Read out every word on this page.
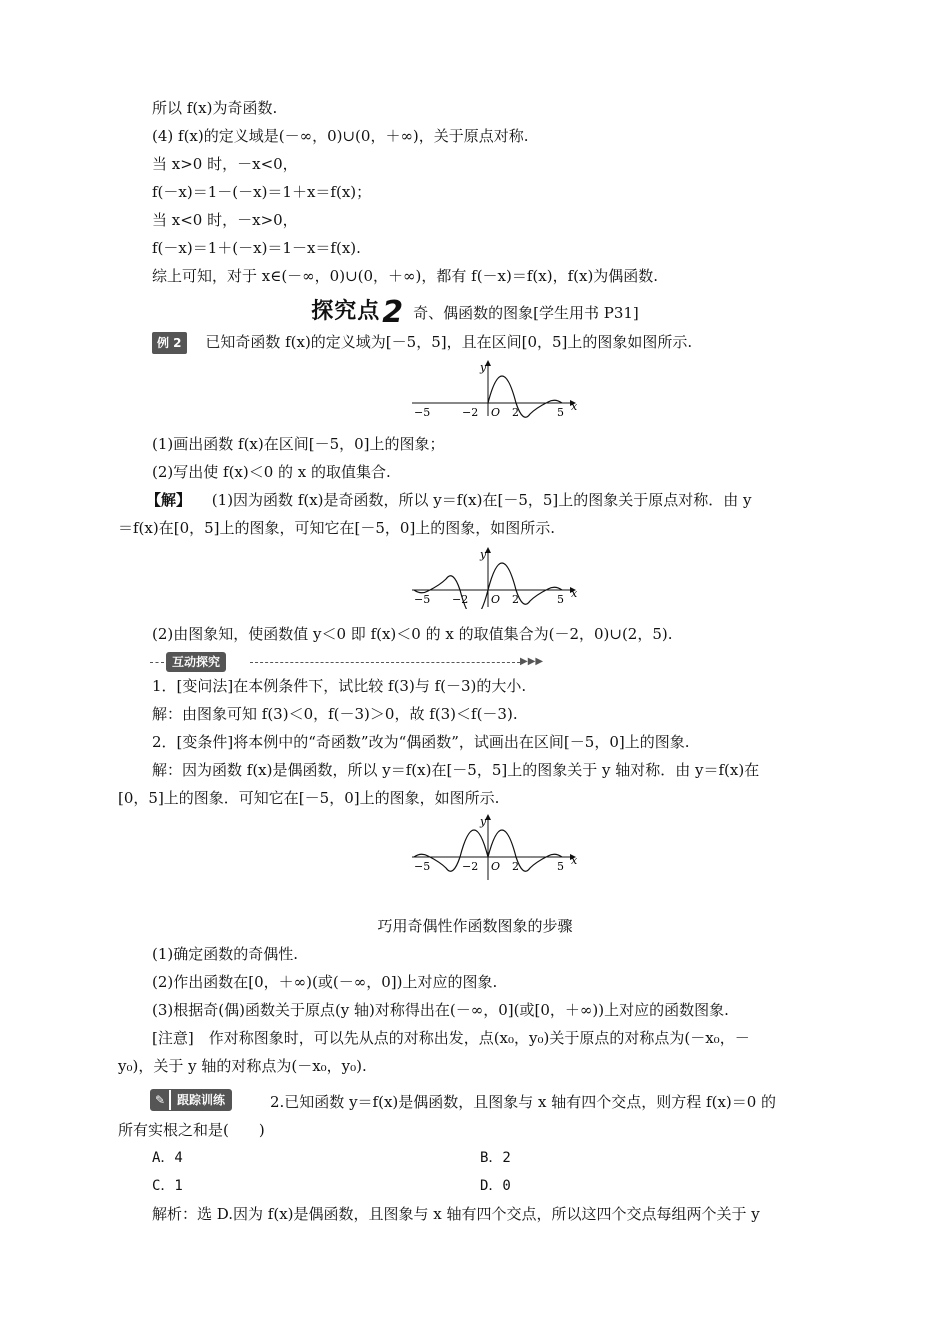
所以 f(x)为奇函数.
(4) f(x)的定义域是(－∞，0)∪(0，＋∞)，关于原点对称.
当 x>0 时，－x<0，
f(－x)＝1－(－x)＝1＋x＝f(x)；
当 x<0 时，－x>0，
f(－x)＝1＋(－x)＝1－x＝f(x).
综上可知，对于 x∈(－∞，0)∪(0，＋∞)，都有 f(－x)＝f(x)，f(x)为偶函数.
探究点2 奇、偶函数的图象[学生用书 P31]
例 2 已知奇函数 f(x)的定义域为[－5，5]，且在区间[0，5]上的图象如图所示.
y
x
−5	−2 O 2	5
(1)画出函数 f(x)在区间[－5，0]上的图象；
(2)写出使 f(x)＜0 的 x 的取值集合.
【解】 (1)因为函数 f(x)是奇函数，所以 y＝f(x)在[－5，5]上的图象关于原点对称．由 y
＝f(x)在[0，5]上的图象，可知它在[－5，0]上的图象，如图所示.
y
x
−5 −2 O 2	5
(2)由图象知，使函数值 y＜0 即 f(x)＜0 的 x 的取值集合为(－2，0)∪(2，5).
互动探究	▶▶▶
1．[变问法]在本例条件下，试比较 f(3)与 f(－3)的大小.
解：由图象可知 f(3)＜0，f(－3)＞0，故 f(3)＜f(－3).
2．[变条件]将本例中的“奇函数”改为“偶函数”，试画出在区间[－5，0]上的图象.
解：因为函数 f(x)是偶函数，所以 y＝f(x)在[－5，5]上的图象关于 y 轴对称．由 y＝f(x)在
[0，5]上的图象．可知它在[－5，0]上的图象，如图所示.
y
x
−5	−2 O 2	5
巧用奇偶性作函数图象的步骤
(1)确定函数的奇偶性.
(2)作出函数在[0，＋∞)(或(－∞，0])上对应的图象.
(3)根据奇(偶)函数关于原点(y 轴)对称得出在(－∞，0](或[0，＋∞))上对应的函数图象.
[注意]　作对称图象时，可以先从点的对称出发，点(x₀，y₀)关于原点的对称点为(－x₀，－
y₀)，关于 y 轴的对称点为(－x₀，y₀).
✎ 跟踪训练	2.已知函数 y＝f(x)是偶函数，且图象与 x 轴有四个交点，则方程 f(x)＝0 的
所有实根之和是(　　)
A．4	B．2
C．1	D．0
解析：选 D.因为 f(x)是偶函数，且图象与 x 轴有四个交点，所以这四个交点每组两个关于 y
